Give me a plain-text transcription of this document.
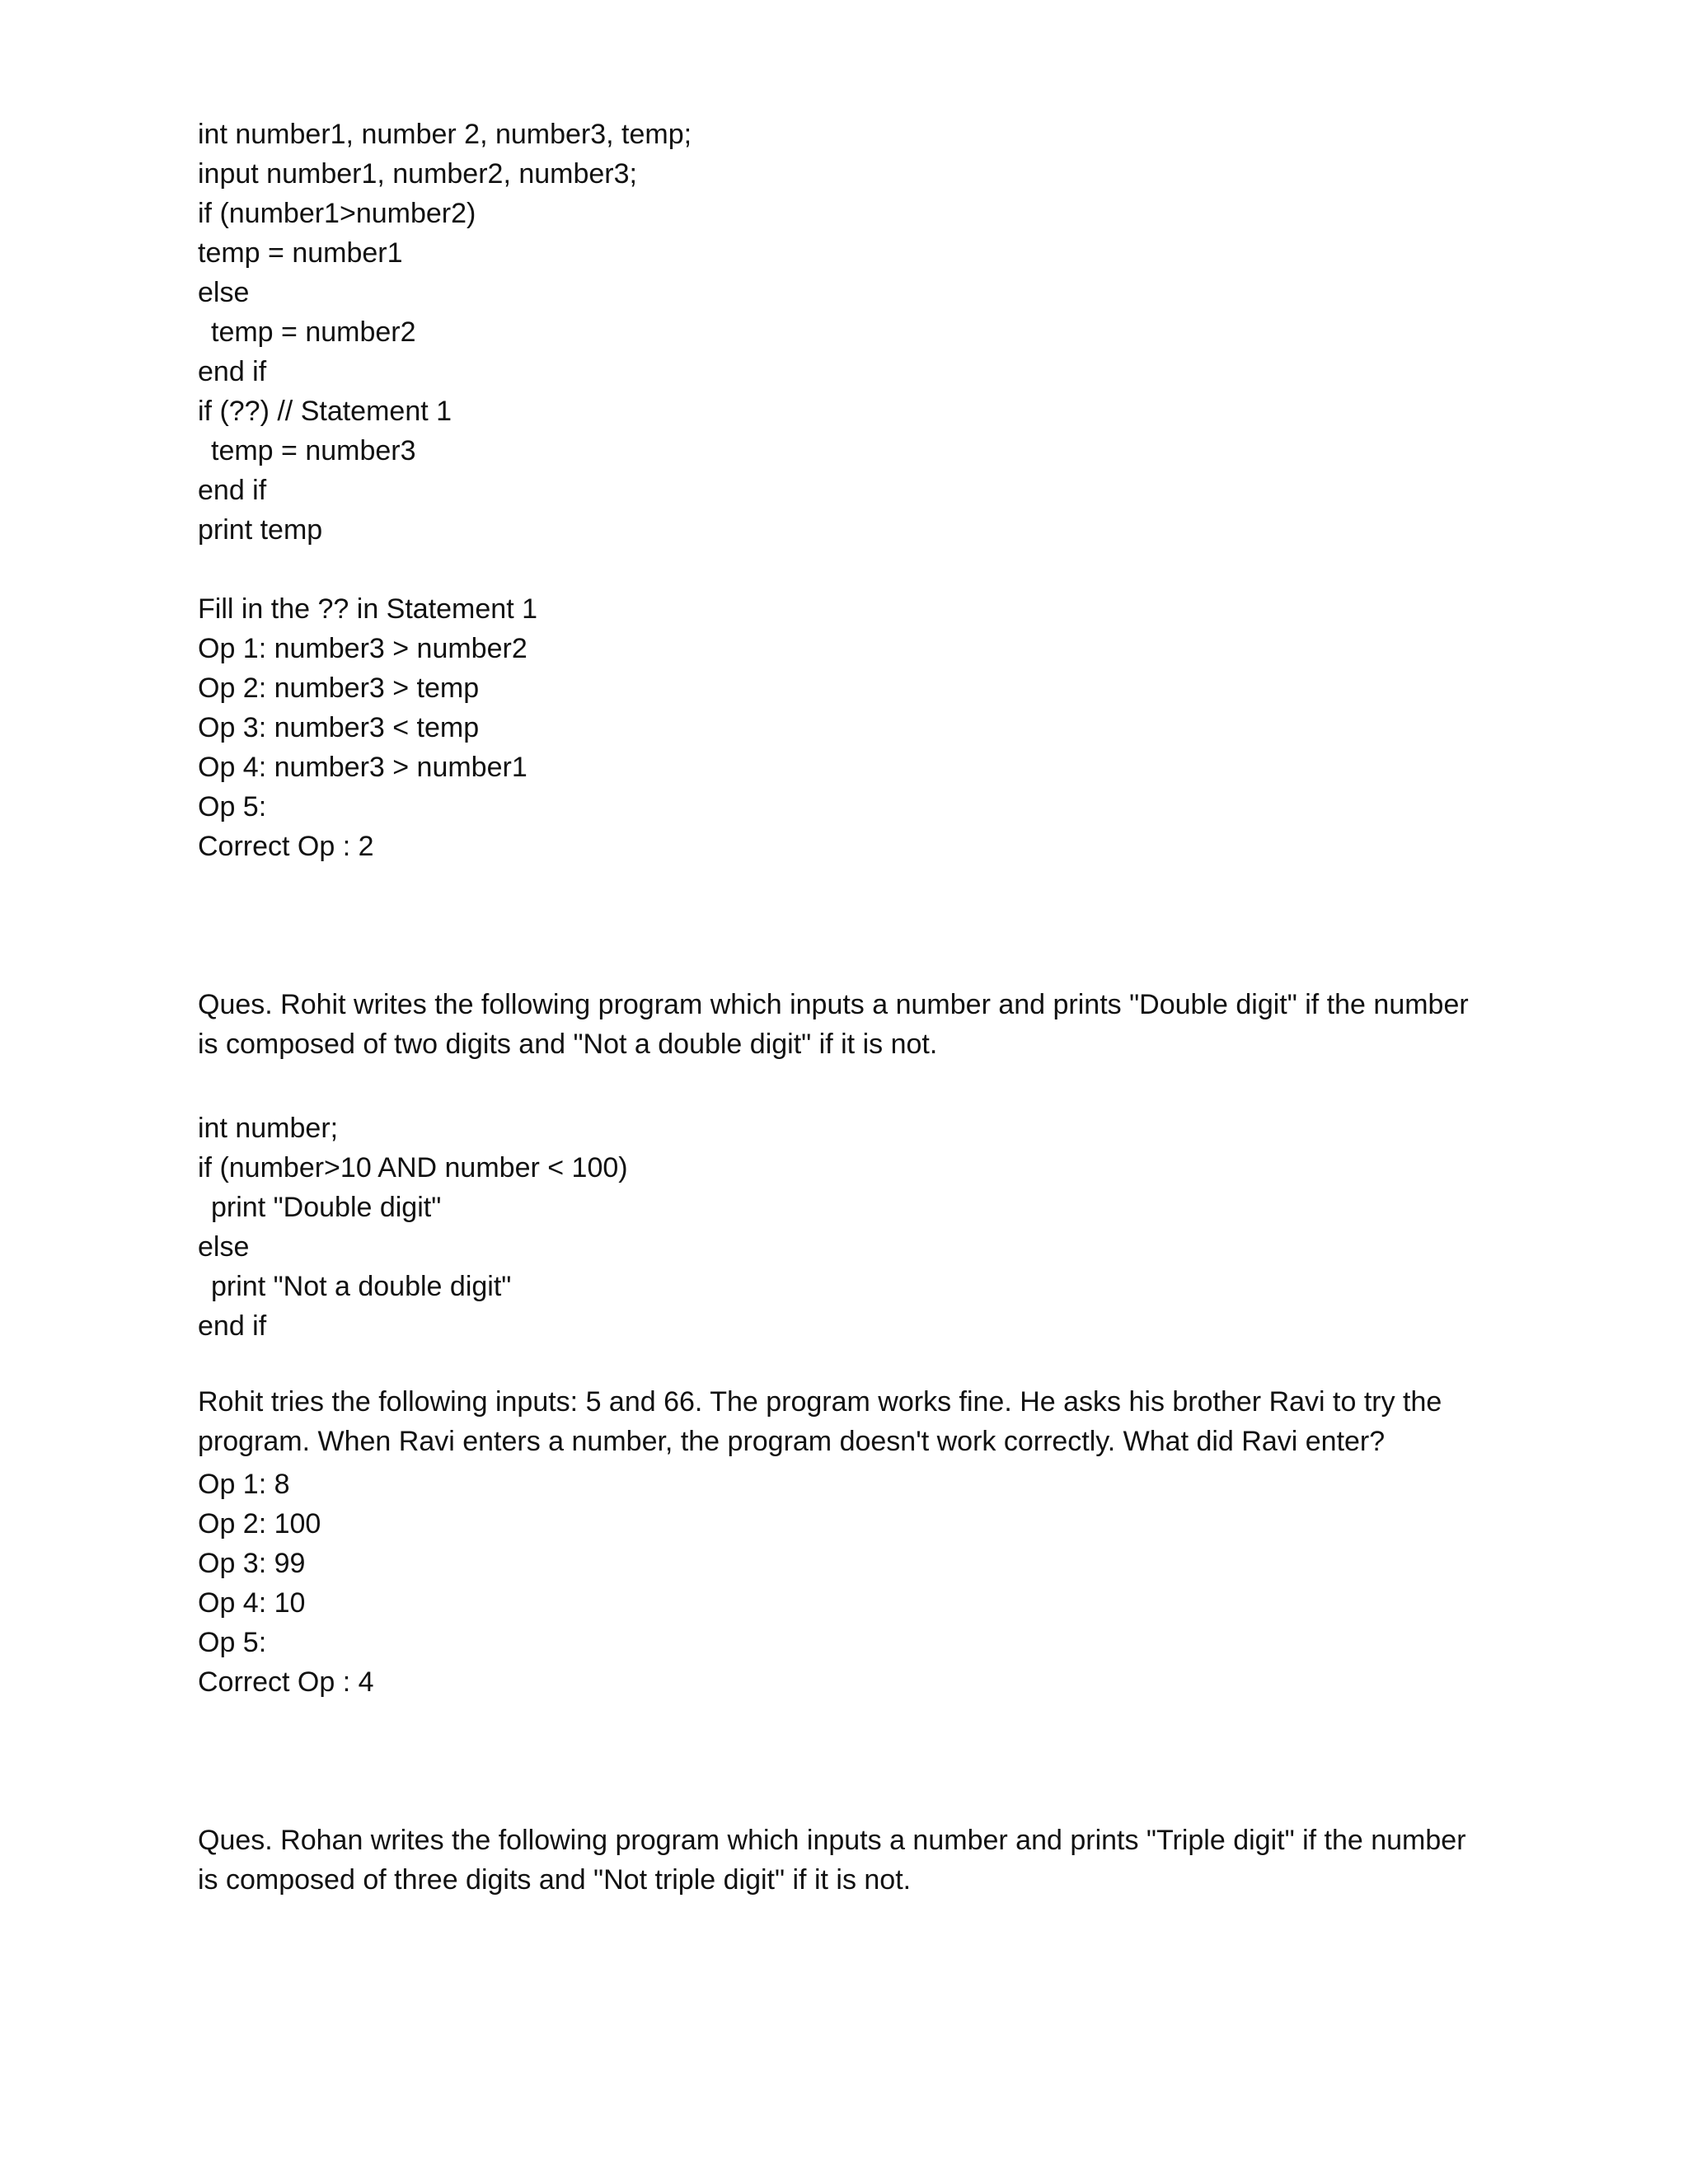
int number1, number 2, number3, temp;
input number1, number2, number3;
if (number1>number2)
temp = number1
else
temp = number2
end if
if (??) // Statement 1
temp = number3
end if
print temp
Fill in the ?? in Statement 1
Op 1: number3 > number2
Op 2: number3 > temp
Op 3: number3 < temp
Op 4: number3 > number1
Op 5:
Correct Op : 2
Ques. Rohit writes the following program which inputs a number and prints "Double digit" if the number is composed of two digits and "Not a double digit" if it is not.
int number;
if (number>10 AND number < 100)
print "Double digit"
else
print "Not a double digit"
end if
Rohit tries the following inputs: 5 and 66. The program works fine. He asks his brother Ravi to try the program. When Ravi enters a number, the program doesn't work correctly. What did Ravi enter?
Op 1: 8
Op 2: 100
Op 3: 99
Op 4: 10
Op 5:
Correct Op : 4
Ques. Rohan writes the following program which inputs a number and prints "Triple digit" if the number is composed of three digits and "Not triple digit" if it is not.
